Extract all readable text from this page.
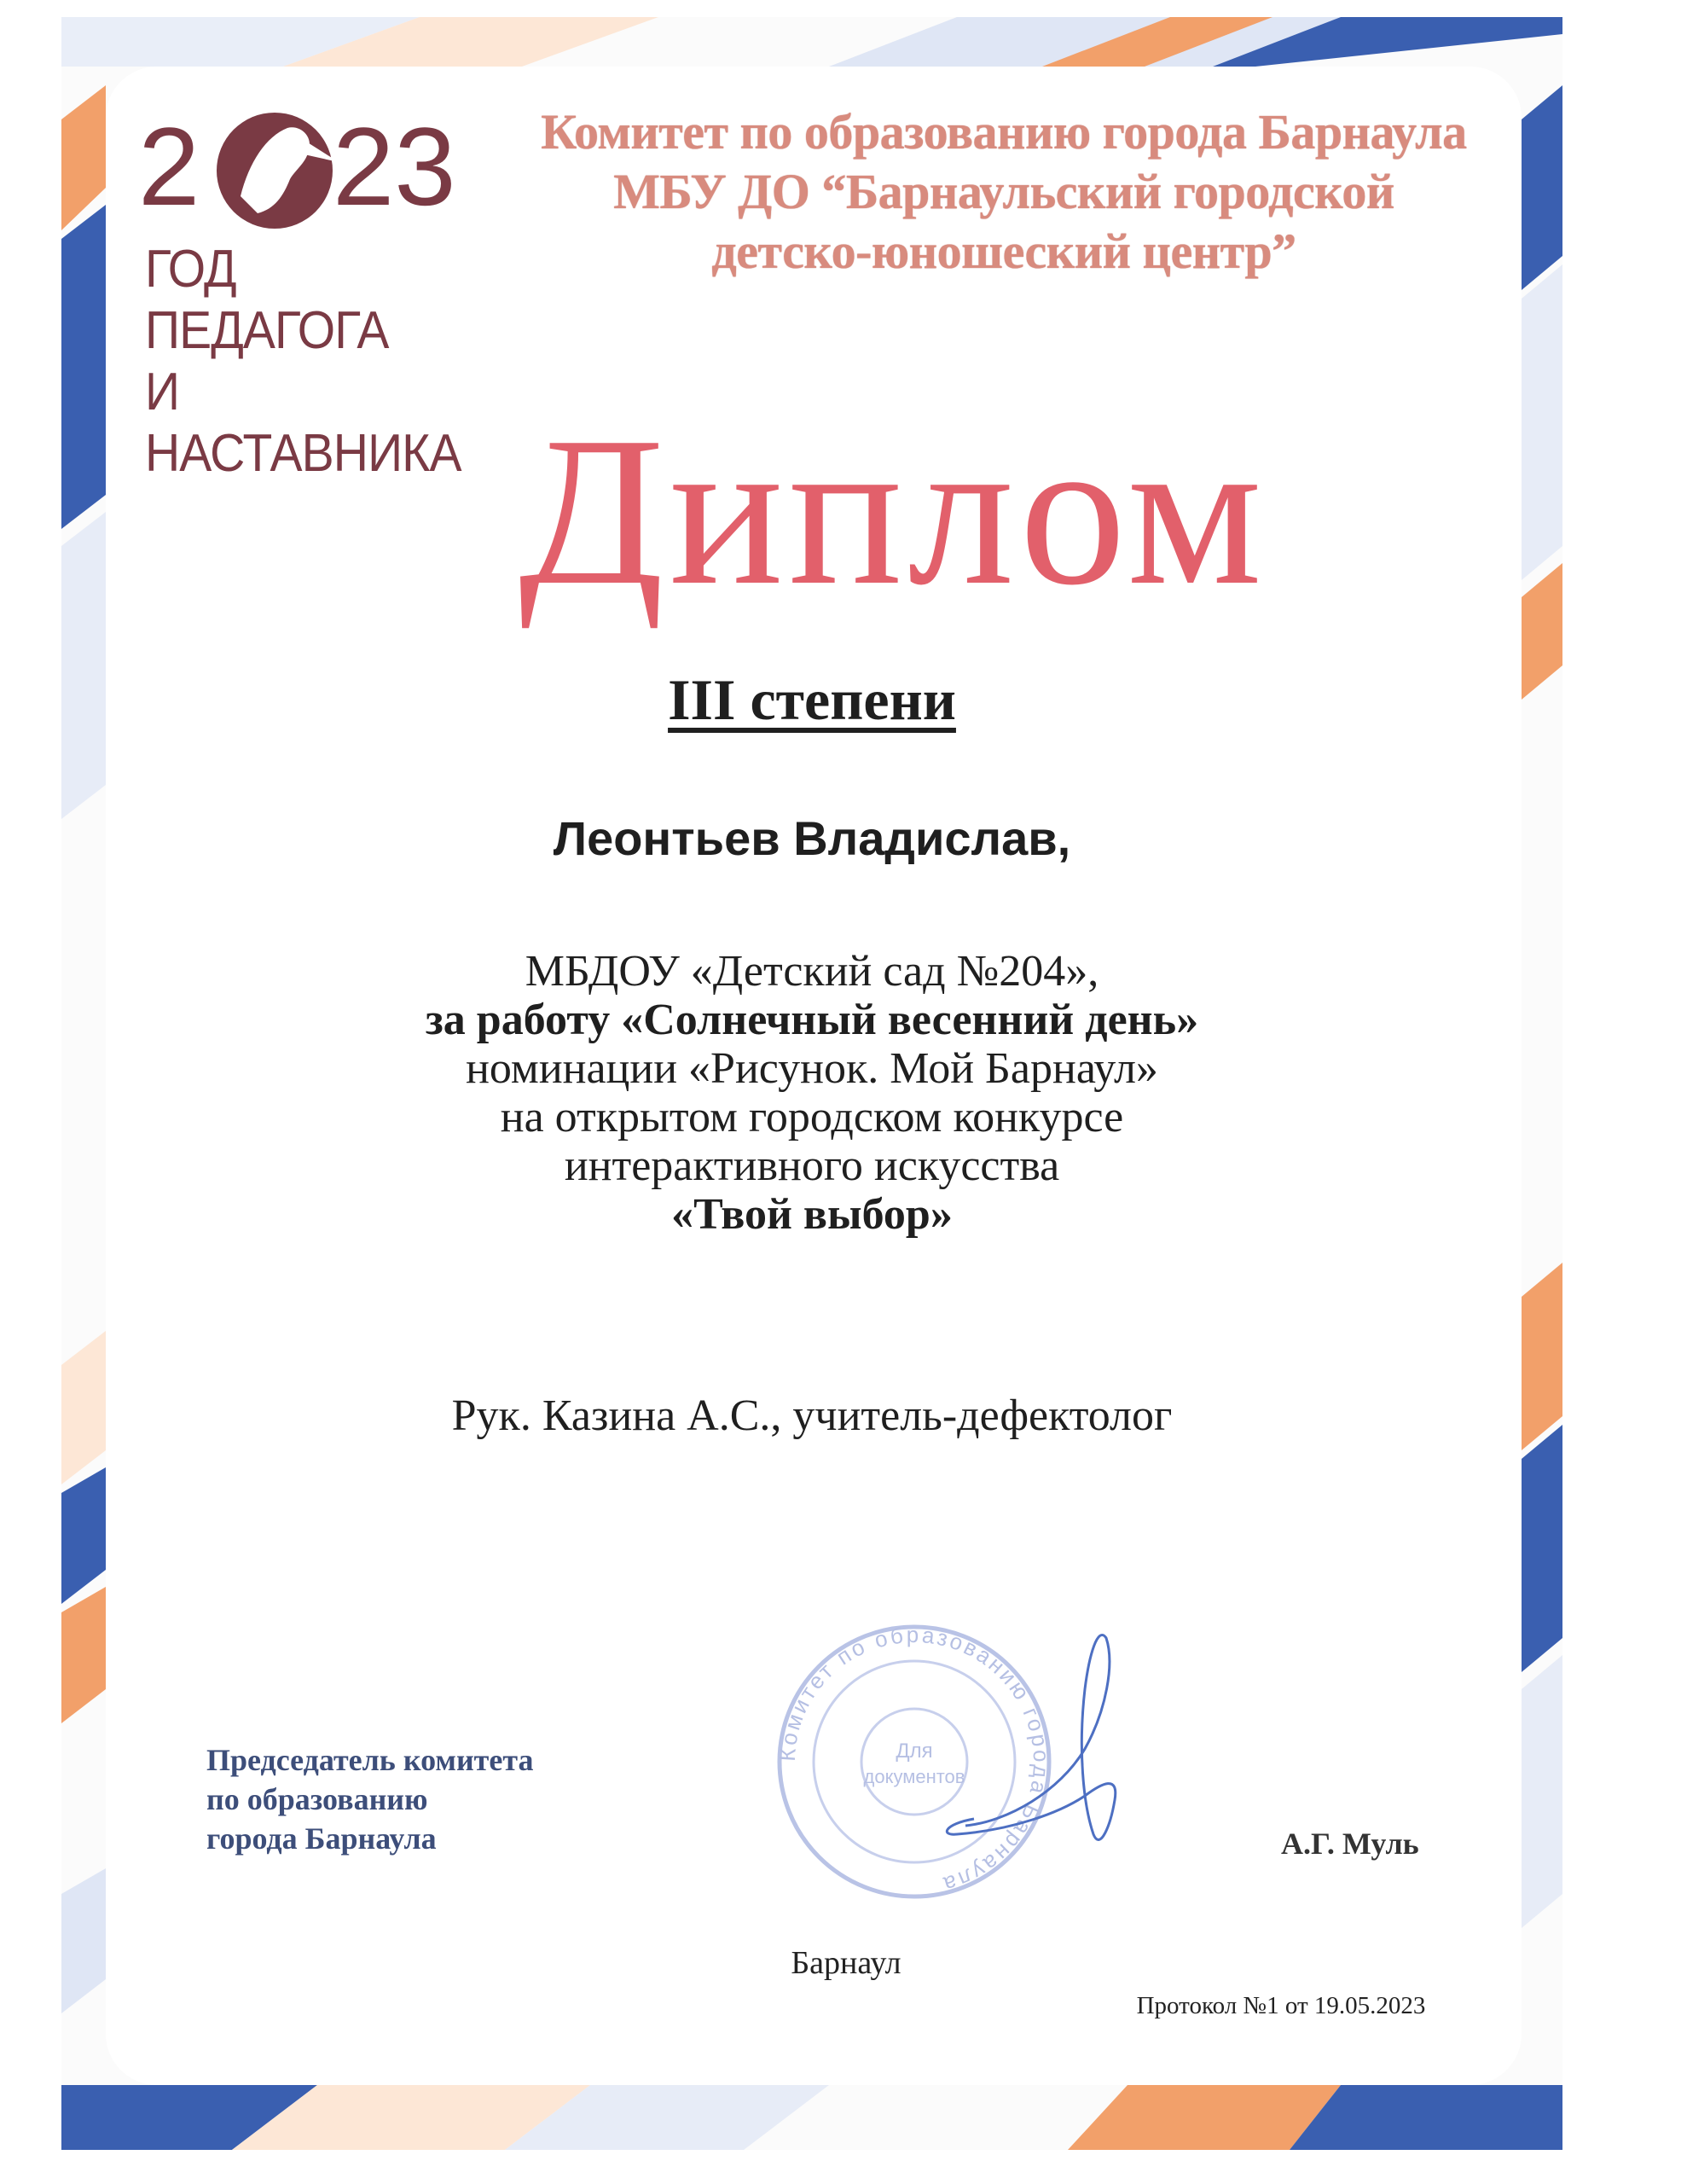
2 23
ГОД ПЕДАГОГА
И НАСТАВНИКА
Комитет по образованию города Барнаула
МБУ ДО “Барнаульский городской
детско-юношеский центр”
Диплом
III степени
Леонтьев Владислав,
МБДОУ «Детский сад №204»,
за работу «Солнечный весенний день»
номинации «Рисунок. Мой Барнаул»
на открытом городском конкурсе
интерактивного искусства
«Твой выбор»
Рук. Казина А.С., учитель-дефектолог
Комитет по образованию города Барнаула
Для
документов
Председатель комитета
по образованию
города Барнаула	А.Г. Муль
Барнаул
Протокол №1 от 19.05.2023
